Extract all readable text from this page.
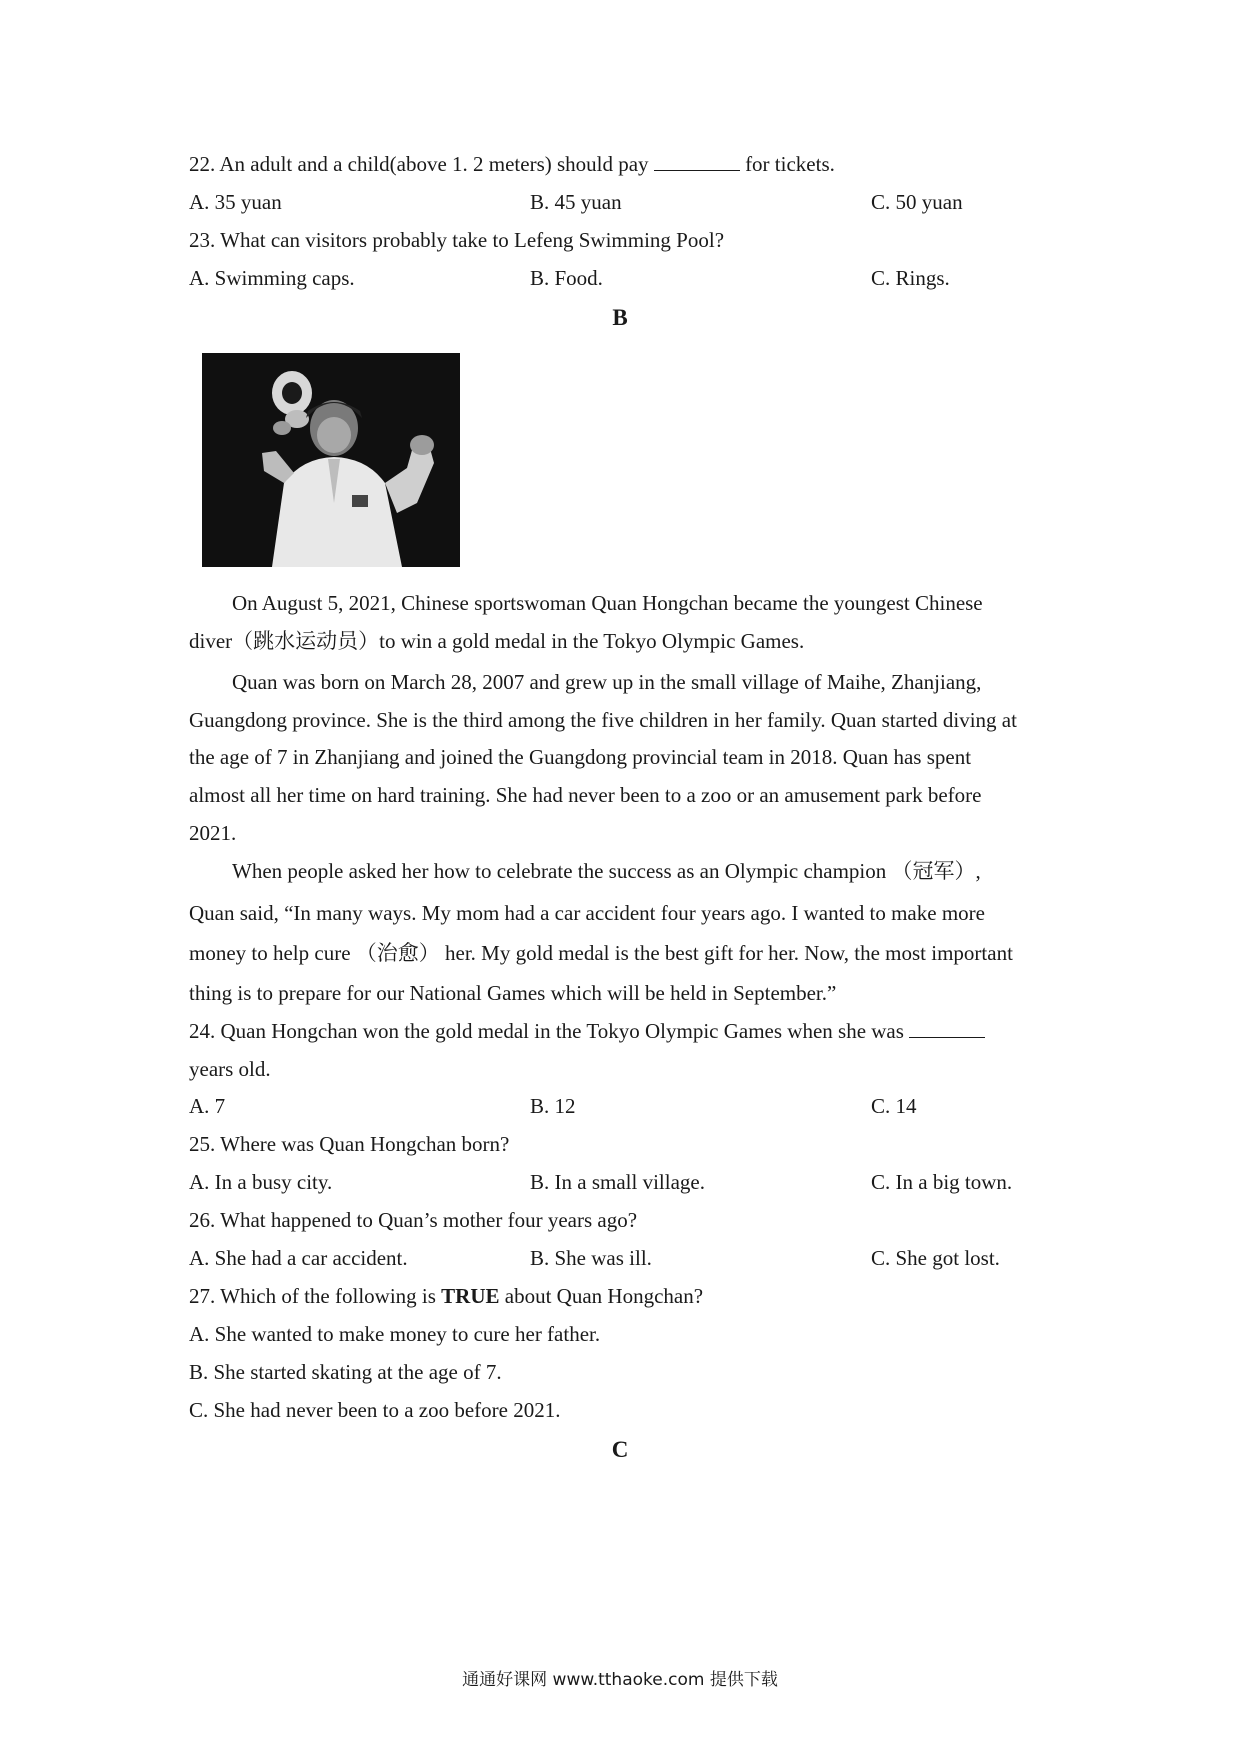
22. An adult and a child(above 1. 2 meters) should pay	for tickets.
A. 35 yuan	B. 45 yuan	C. 50 yuan
23. What can visitors probably take to Lefeng Swimming Pool?
A. Swimming caps.	B. Food.	C. Rings.
B
On August 5, 2021, Chinese sportswoman Quan Hongchan became the youngest Chinese
diver（跳水运动员）to win a gold medal in the Tokyo Olympic Games.
Quan was born on March 28, 2007 and grew up in the small village of Maihe, Zhanjiang,
Guangdong province. She is the third among the five children in her family. Quan started diving at
the age of 7 in Zhanjiang and joined the Guangdong provincial team in 2018. Quan has spent
almost all her time on hard training. She had never been to a zoo or an amusement park before
2021.
When people asked her how to celebrate the success as an Olympic champion （冠军）,
Quan said, “In many ways. My mom had a car accident four years ago. I wanted to make more
money to help cure （治愈） her. My gold medal is the best gift for her. Now, the most important
thing is to prepare for our National Games which will be held in September.”
24. Quan Hongchan won the gold medal in the Tokyo Olympic Games when she was
years old.
A. 7	B. 12	C. 14
25. Where was Quan Hongchan born?
A. In a busy city.	B. In a small village.	C. In a big town.
26. What happened to Quan’s mother four years ago?
A. She had a car accident.	B. She was ill.	C. She got lost.
27. Which of the following is TRUE about Quan Hongchan?
A. She wanted to make money to cure her father.
B. She started skating at the age of 7.
C. She had never been to a zoo before 2021.
C
通通好课网 www.tthaoke.com 提供下载
